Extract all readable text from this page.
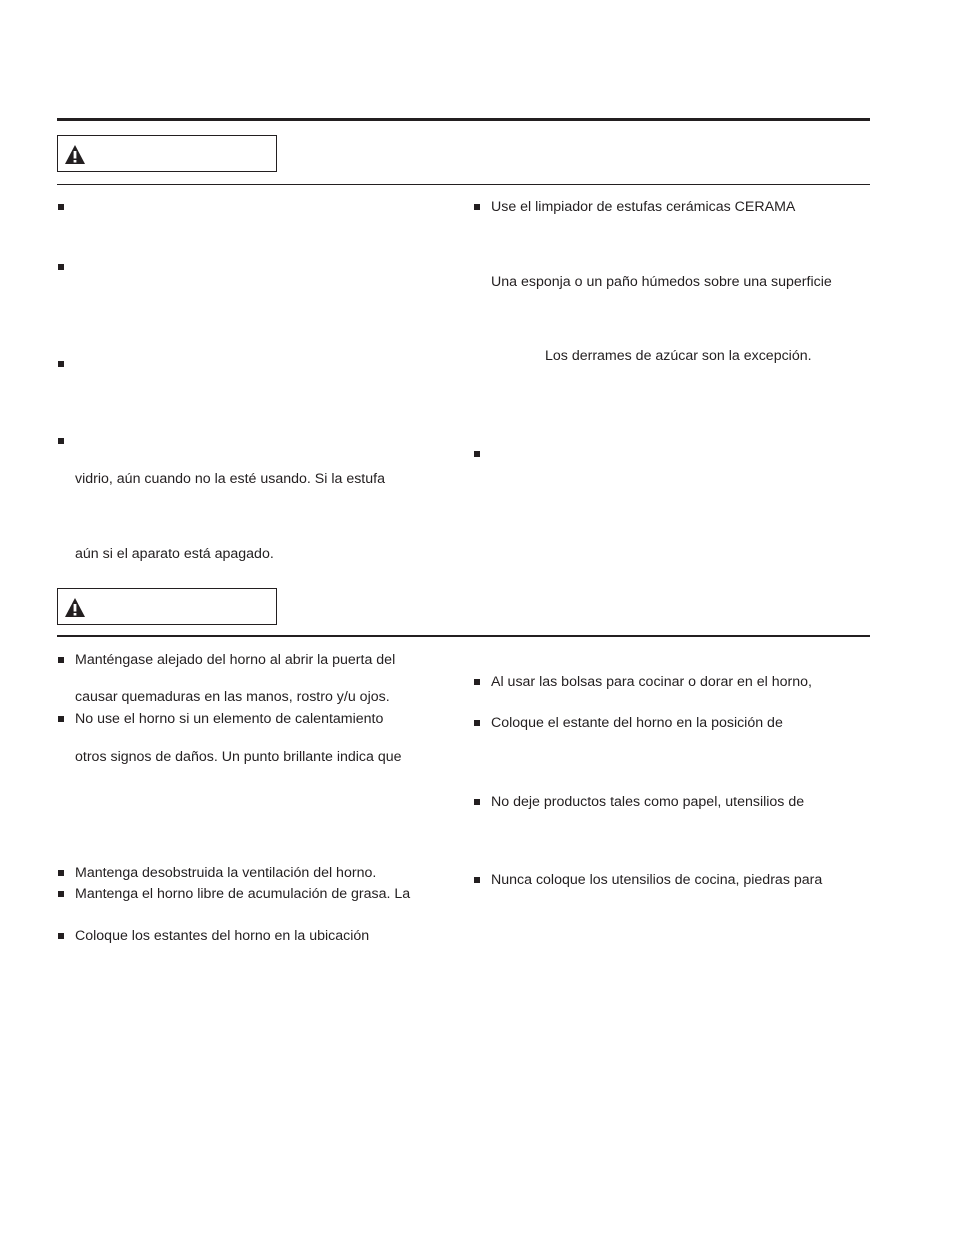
vidrio, aún cuando no la esté usando. Si la estufa
aún si el aparato está apagado.
Use el limpiador de estufas cerámicas CERAMA
Una esponja o un paño húmedos sobre una superficie
Los derrames de azúcar son la excepción.
Manténgase alejado del horno al abrir la puerta del
causar quemaduras en las manos, rostro y/u ojos.
No use el horno si un elemento de calentamiento
otros signos de daños. Un punto brillante indica que
Mantenga desobstruida la ventilación del horno.
Mantenga el horno libre de acumulación de grasa. La
Coloque los estantes del horno en la ubicación
Al usar las bolsas para cocinar o dorar en el horno,
Coloque el estante del horno en la posición de
No deje productos tales como papel, utensilios de
Nunca coloque los utensilios de cocina, piedras para
